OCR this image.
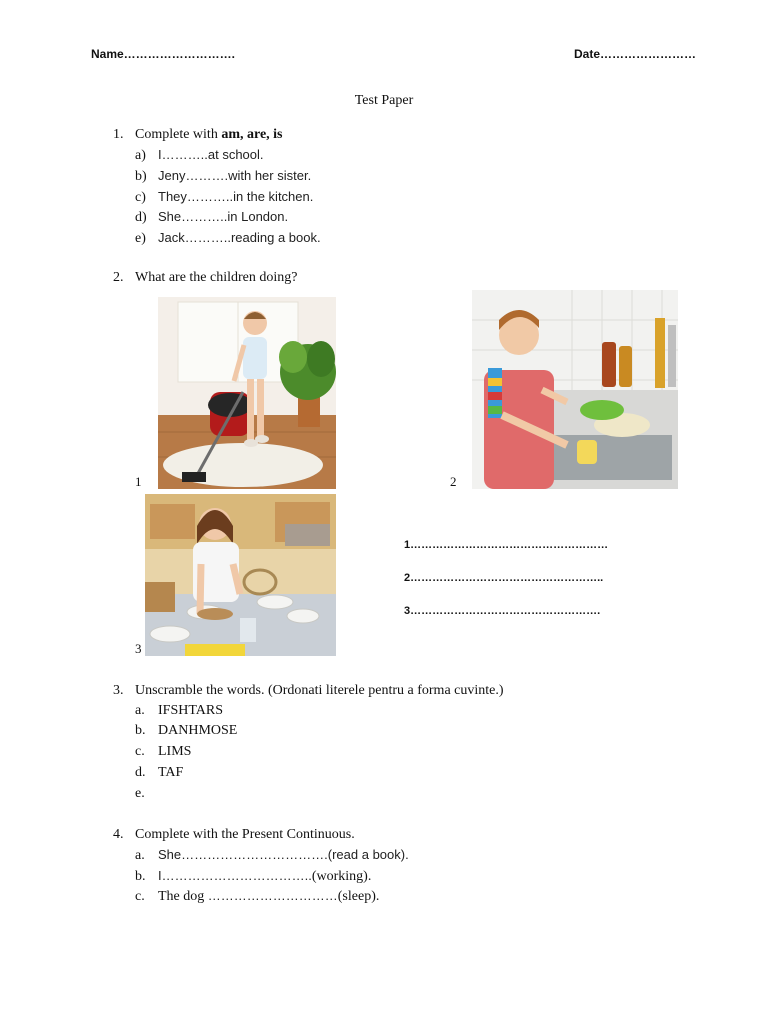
Name……………………….	Date……………………
Test Paper
1. Complete with am, are, is
a) I………..at school.
b) Jeny……….with her sister.
c) They………..in the kitchen.
d) She………..in London.
e) Jack………..reading a book.
2. What are the children doing?
1	2
3
1………………………………………………
2……………………………………………..
3…………………………………………….
3. Unscramble the words. (Ordonati literele pentru a forma cuvinte.)
a. IFSHTARS
b. DANHMOSE
c. LIMS
d. TAF
e.
4. Complete with the Present Continuous.
a. She…………………………….(read a book).
b. I……………………………..(working).
c. The dog …………………………(sleep).
